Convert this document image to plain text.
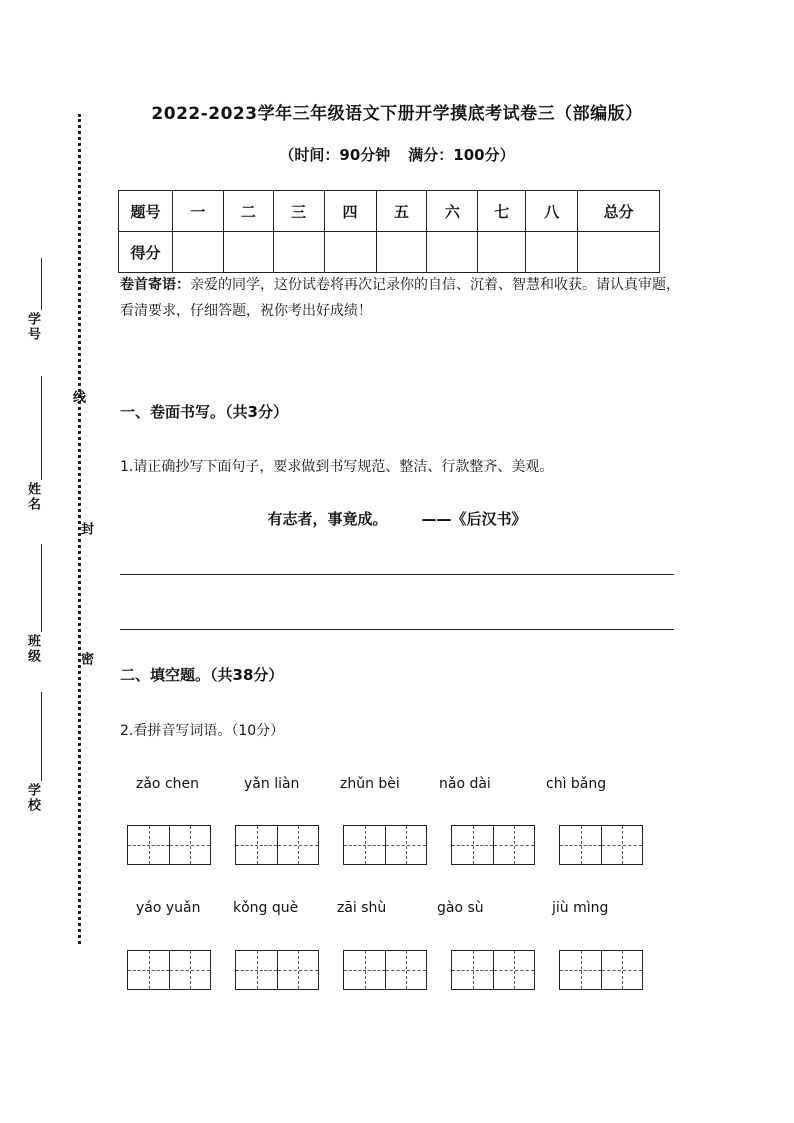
学号
姓名
班级
学校
线
封
密
2022-2023学年三年级语文下册开学摸底考试卷三（部编版）
（时间：90分钟 满分：100分）
题号	一	二	三	四	五	六	七	八	总分
得分									
卷首寄语：亲爱的同学，这份试卷将再次记录你的自信、沉着、智慧和收获。请认真审题，看清要求，仔细答题，祝你考出好成绩！
一、卷面书写。（共3分）
1.请正确抄写下面句子，要求做到书写规范、整洁、行款整齐、美观。
有志者，事竟成。 ——《后汉书》
二、填空题。（共38分）
2.看拼音写词语。（10分）
zǎo chen	yǎn liàn	zhǔn bèi	nǎo dài	chì bǎng
yáo yuǎn kǒng què	zāi shù	gào sù	jiù mìng
